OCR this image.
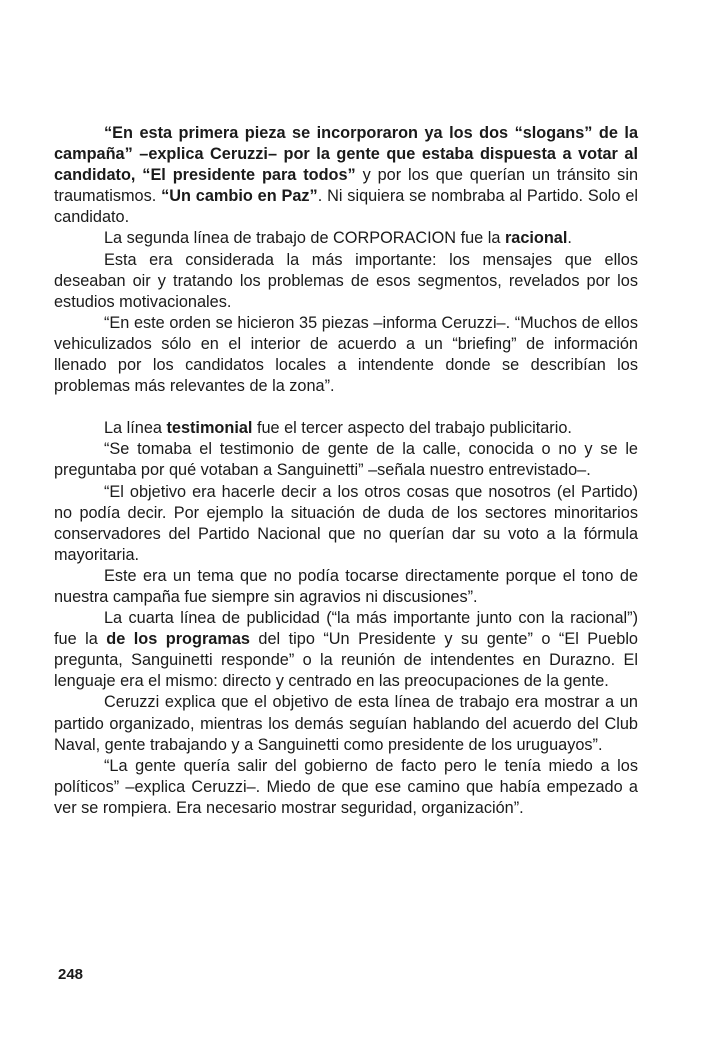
“En esta primera pieza se incorporaron ya los dos “slogans” de la campaña” –explica Ceruzzi– por la gente que estaba dispuesta a votar al candidato, “El presidente para todos” y por los que querían un tránsito sin traumatismos. “Un cambio en Paz”. Ni siquiera se nombraba al Partido. Solo el candidato.

La segunda línea de trabajo de CORPORACION fue la racional.

Esta era considerada la más importante: los mensajes que ellos deseaban oir y tratando los problemas de esos segmentos, revelados por los estudios motivacionales.

“En este orden se hicieron 35 piezas –informa Ceruzzi–. “Muchos de ellos vehiculizados sólo en el interior de acuerdo a un “briefing” de información llenado por los candidatos locales a intendente donde se describían los problemas más relevantes de la zona”.

La línea testimonial fue el tercer aspecto del trabajo publicitario.

“Se tomaba el testimonio de gente de la calle, conocida o no y se le preguntaba por qué votaban a Sanguinetti” –señala nuestro entrevistado–.

“El objetivo era hacerle decir a los otros cosas que nosotros (el Partido) no podía decir. Por ejemplo la situación de duda de los sectores minoritarios conservadores del Partido Nacional que no querían dar su voto a la fórmula mayoritaria.

Este era un tema que no podía tocarse directamente porque el tono de nuestra campaña fue siempre sin agravios ni discusiones”.

La cuarta línea de publicidad (“la más importante junto con la racional”) fue la de los programas del tipo “Un Presidente y su gente” o “El Pueblo pregunta, Sanguinetti responde” o la reunión de intendentes en Durazno. El lenguaje era el mismo: directo y centrado en las preocupaciones de la gente.

Ceruzzi explica que el objetivo de esta línea de trabajo era mostrar a un partido organizado, mientras los demás seguían hablando del acuerdo del Club Naval, gente trabajando y a Sanguinetti como presidente de los uruguayos”.

“La gente quería salir del gobierno de facto pero le tenía miedo a los políticos” –explica Ceruzzi–. Miedo de que ese camino que había empezado a ver se rompiera. Era necesario mostrar seguridad, organización”.

248
